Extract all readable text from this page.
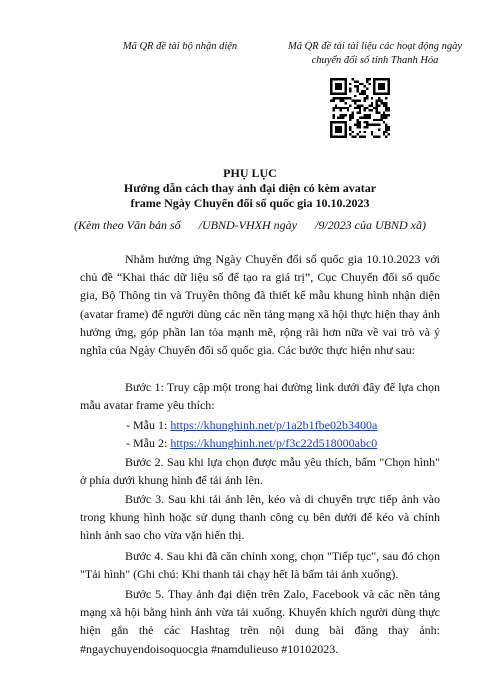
Mã QR đề tài bộ nhận diện	Mã QR đề tài tài liệu các hoạt động ngày chuyển đổi số tỉnh Thanh Hóa
PHỤ LỤC
Hướng dẫn cách thay ảnh đại diện có kèm avatar
frame Ngày Chuyển đổi số quốc gia 10.10.2023
(Kèm theo Văn bản số      /UBND-VHXH ngày      /9/2023 của UBND xã)
Nhằm hưởng ứng Ngày Chuyển đổi số quốc gia 10.10.2023 với chủ đề “Khai thác dữ liệu số để tạo ra giá trị”, Cục Chuyển đổi số quốc gia, Bộ Thông tin và Truyền thông đã thiết kế mẫu khung hình nhận diện (avatar frame) để người dùng các nền tảng mạng xã hội thực hiện thay ảnh hưởng ứng, góp phần lan tỏa mạnh mẽ, rộng rãi hơn nữa về vai trò và ý nghĩa của Ngày Chuyển đổi số quốc gia. Các bước thực hiện như sau:
Bước 1: Truy cập một trong hai đường link dưới đây để lựa chọn mẫu avatar frame yêu thích:
- Mẫu 1: https://khunghinh.net/p/1a2b1fbe02b3400a
- Mẫu 2: https://khunghinh.net/p/f3c22d518000abc0
Bước 2. Sau khi lựa chọn được mẫu yêu thích, bấm "Chọn hình" ở phía dưới khung hình để tải ảnh lên.
Bước 3. Sau khi tải ảnh lên, kéo và di chuyển trực tiếp ảnh vào trong khung hình hoặc sử dụng thanh công cụ bên dưới để kéo và chỉnh hình ảnh sao cho vừa vặn hiển thị.
Bước 4. Sau khi đã căn chỉnh xong, chọn "Tiếp tục", sau đó chọn "Tải hình" (Ghi chú: Khi thanh tải chạy hết là bấm tải ảnh xuống).
Bước 5. Thay ảnh đại diện trên Zalo, Facebook và các nền tảng mạng xã hội bằng hình ảnh vừa tải xuống. Khuyến khích người dùng thực hiện gắn thẻ các Hashtag trên nội dung bài đăng thay ảnh: #ngaychuyendoisoquocgia #namdulieuso #10102023.
